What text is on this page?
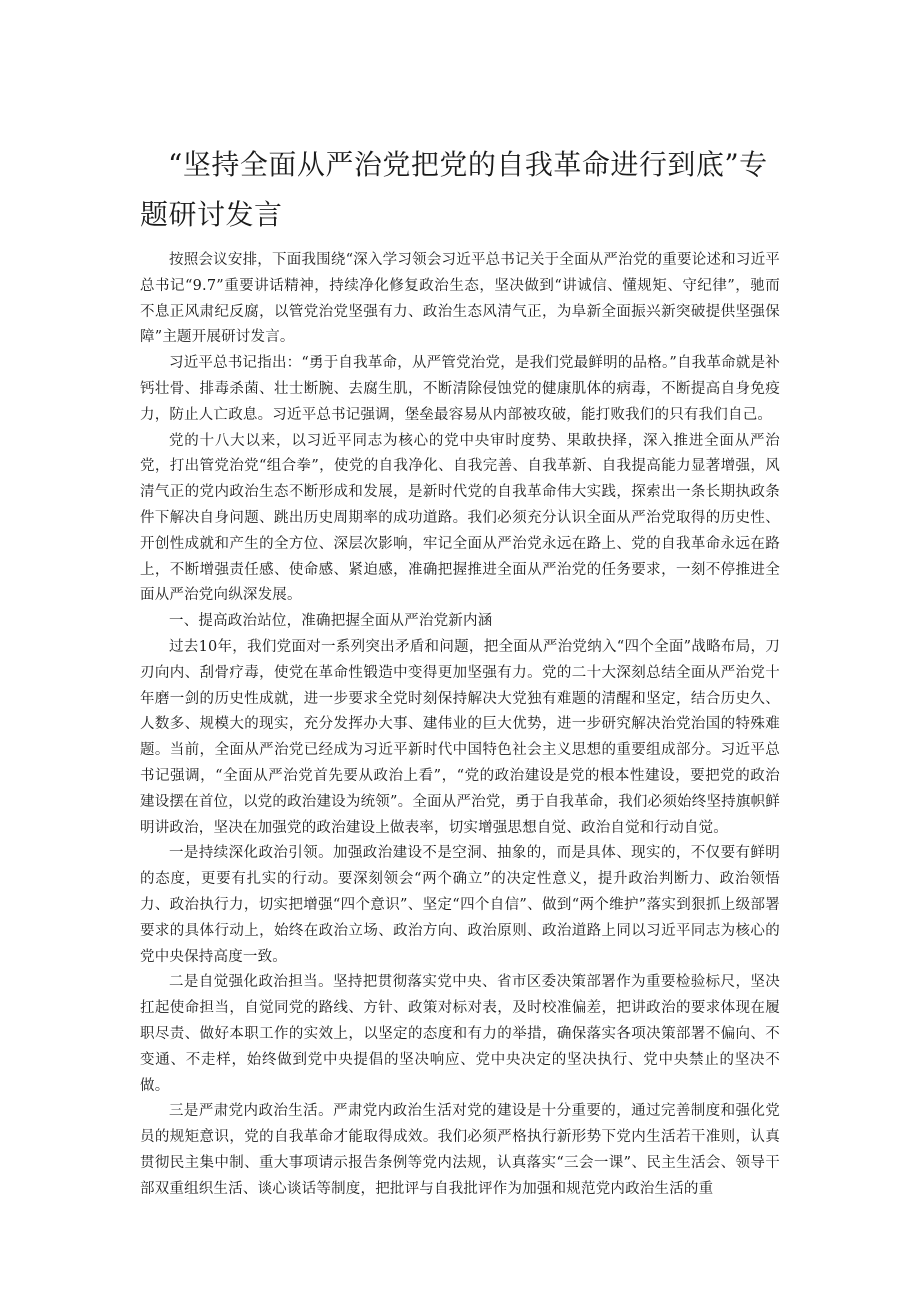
“坚持全面从严治党把党的自我革命进行到底”专题研讨发言

按照会议安排，下面我围绕“深入学习领会习近平总书记关于全面从严治党的重要论述和习近平总书记“9.7”重要讲话精神，持续净化修复政治生态，坚决做到“讲诚信、懂规矩、守纪律”，驰而不息正风肃纪反腐，以管党治党坚强有力、政治生态风清气正，为阜新全面振兴新突破提供坚强保障”主题开展研讨发言。

习近平总书记指出：“勇于自我革命，从严管党治党，是我们党最鲜明的品格。”自我革命就是补钙壮骨、排毒杀菌、壮士断腕、去腐生肌，不断清除侵蚀党的健康肌体的病毒，不断提高自身免疫力，防止人亡政息。习近平总书记强调，堡垒最容易从内部被攻破，能打败我们的只有我们自己。

党的十八大以来，以习近平同志为核心的党中央审时度势、果敢抉择，深入推进全面从严治党，打出管党治党“组合拳”，使党的自我净化、自我完善、自我革新、自我提高能力显著增强，风清气正的党内政治生态不断形成和发展，是新时代党的自我革命伟大实践，探索出一条长期执政条件下解决自身问题、跳出历史周期率的成功道路。我们必须充分认识全面从严治党取得的历史性、开创性成就和产生的全方位、深层次影响，牢记全面从严治党永远在路上、党的自我革命永远在路上，不断增强责任感、使命感、紧迫感，准确把握推进全面从严治党的任务要求，一刻不停推进全面从严治党向纵深发展。

一、提高政治站位，准确把握全面从严治党新内涵

过去10年，我们党面对一系列突出矛盾和问题，把全面从严治党纳入“四个全面”战略布局，刀刃向内、刮骨疗毒，使党在革命性锻造中变得更加坚强有力。党的二十大深刻总结全面从严治党十年磨一剑的历史性成就，进一步要求全党时刻保持解决大党独有难题的清醒和坚定，结合历史久、人数多、规模大的现实，充分发挥办大事、建伟业的巨大优势，进一步研究解决治党治国的特殊难题。当前，全面从严治党已经成为习近平新时代中国特色社会主义思想的重要组成部分。习近平总书记强调，“全面从严治党首先要从政治上看”，“党的政治建设是党的根本性建设，要把党的政治建设摆在首位，以党的政治建设为统领”。全面从严治党，勇于自我革命，我们必须始终坚持旗帜鲜明讲政治，坚决在加强党的政治建设上做表率，切实增强思想自觉、政治自觉和行动自觉。

一是持续深化政治引领。加强政治建设不是空洞、抽象的，而是具体、现实的，不仅要有鲜明的态度，更要有扎实的行动。要深刻领会“两个确立”的决定性意义，提升政治判断力、政治领悟力、政治执行力，切实把增强“四个意识”、坚定“四个自信”、做到“两个维护”落实到狠抓上级部署要求的具体行动上，始终在政治立场、政治方向、政治原则、政治道路上同以习近平同志为核心的党中央保持高度一致。

二是自觉强化政治担当。坚持把贯彻落实党中央、省市区委决策部署作为重要检验标尺，坚决扛起使命担当，自觉同党的路线、方针、政策对标对表，及时校准偏差，把讲政治的要求体现在履职尽责、做好本职工作的实效上，以坚定的态度和有力的举措，确保落实各项决策部署不偏向、不变通、不走样，始终做到党中央提倡的坚决响应、党中央决定的坚决执行、党中央禁止的坚决不做。

三是严肃党内政治生活。严肃党内政治生活对党的建设是十分重要的，通过完善制度和强化党员的规矩意识，党的自我革命才能取得成效。我们必须严格执行新形势下党内生活若干准则，认真贯彻民主集中制、重大事项请示报告条例等党内法规，认真落实“三会一课”、民主生活会、领导干部双重组织生活、谈心谈话等制度，把批评与自我批评作为加强和规范党内政治生活的重
